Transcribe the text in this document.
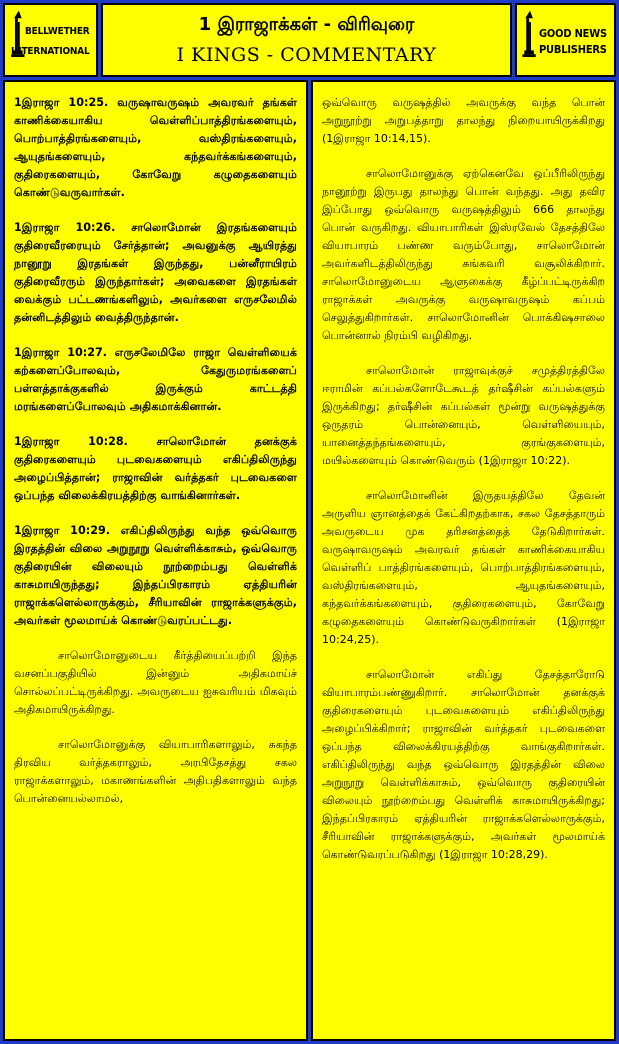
BELLWETHER
INTERNATIONAL
1 இராஜாக்கள் - விரிவுரை
I KINGS - COMMENTARY
GOOD NEWS
PUBLISHERS

1இராஜா 10:25. வருஷாவருஷம் அவரவர் தங்கள் காணிக்கையாகிய வெள்ளிப்பாத்திரங்களையும், பொற்பாத்திரங்களையும், வஸ்திரங்களையும், ஆயுதங்களையும், கந்தவர்க்கங்களையும், குதிரைகளையும், கோவேறு கழுதைகளையும் கொண்டுவருவார்கள்.

1இராஜா 10:26. சாலொமோன் இரதங்களையும் குதிரைவீரரையும் சேர்த்தான்; அவனுக்கு ஆயிரத்து நானூறு இரதங்கள் இருந்தது, பன்னீராயிரம் குதிரைவீரரும் இருந்தார்கள்; அவைகளை இரதங்கள் வைக்கும் பட்டணங்களிலும், அவர்களை எருசலேமில் தன்னிடத்திலும் வைத்திருந்தான்.

1இராஜா 10:27. எருசலேமிலே ராஜா வெள்ளியைக் கற்களைப்போலவும், கேதுருமரங்களைப் பள்ளத்தாக்குகளில் இருக்கும் காட்டத்தி மரங்களைப்போலவும் அதிகமாக்கினான்.

1இராஜா 10:28. சாலொமோன் தனக்குக் குதிரைகளையும் புடவைகளையும் எகிப்திலிருந்து அழைப்பித்தான்; ராஜாவின் வர்த்தகர் புடவைகளை ஒப்பந்த விலைக்கிரயத்திற்கு வாங்கினார்கள்.

1இராஜா 10:29. எகிப்திலிருந்து வந்த ஒவ்வொரு இரதத்தின் விலை அறுநூறு வெள்ளிக்காசும், ஒவ்வொரு குதிரையின் விலையும் நூற்றைம்பது வெள்ளிக் காசுமாயிருந்தது; இந்தப்பிரகாரம் ஏத்தியரின் ராஜாக்களெல்லாருக்கும், சீரியாவின் ராஜாக்களுக்கும், அவர்கள் மூலமாய்க் கொண்டுவரப்பட்டது.

சாலொமோனுடைய கீர்த்தியைப்பற்றி இந்த வசனப்பகுதியில் இன்னும் அதிகமாய்ச் சொல்லப்பட்டிருக்கிறது. அவருடைய ஐசுவரியம் மிகவும் அதிகமாயிருக்கிறது.

சாலொமோனுக்கு வியாபாரிகளாலும், சுகந்த திரவிய வர்த்தகராலும், அரபிதேசத்து சகல ராஜாக்களாலும், மகாணங்களின் அதிபதிகளாலும் வந்த பொன்னையல்லாமல்,

ஒவ்வொரு வருஷத்தில் அவருக்கு வந்த பொன் அறுநூற்று அறுபத்தாறு தாலந்து நிறையாயிருக்கிறது (1இராஜா 10:14,15).

சாலொமோனுக்கு ஏற்கெனவே ஒப்பீரிலிருந்து நானூற்று இருபது தாலந்து பொன் வந்தது. அது தவிர இப்போது ஒவ்வொரு வருஷத்திலும் 666 தாலந்து பொன் வருகிறது. வியாபாரிகள் இஸ்ரவேல் தேசத்திலே வியாபாரம் பண்ண வரும்போது, சாலொமோன் அவர்களிடத்திலிருந்து சுங்கவரி வசூலிக்கிறார். சாலொமோனுடைய ஆளுகைக்கு கீழ்ப்பட்டிருக்கிற ராஜாக்கள் அவருக்கு வருஷாவருஷம் கப்பம் செலுத்துகிறார்கள். சாலொமோனின் பொக்கிஷசாலை பொன்னால் நிரம்பி வழிகிறது.

சாலொமோன் ராஜாவுக்குச் சமுத்திரத்திலே ஈராமின் கப்பல்களோடேகூடத் தர்ஷீசின் கப்பல்களும் இருக்கிறது; தர்ஷீசின் கப்பல்கள் மூன்று வருஷத்துக்கு ஒருதரம் பொன்னையும், வெள்ளியையும், யானைத்தந்தங்களையும், குரங்குகளையும், மயில்களையும் கொண்டுவரும் (1இராஜா 10:22).

சாலொமோனின் இருதயத்திலே தேவன் அருளிய ஞானத்தைக் கேட்கிறதற்காக, சகல தேசத்தாரும் அவருடைய முக தரிசனத்தைத் தேடுகிறார்கள். வருஷாவருஷம் அவரவர் தங்கள் காணிக்கையாகிய வெள்ளிப் பாத்திரங்களையும், பொற்பாத்திரங்களையும், வஸ்திரங்களையும், ஆயுதங்களையும், கந்தவர்க்கங்களையும், குதிரைகளையும், கோவேறு கழுதைகளையும் கொண்டுவருகிறார்கள் (1இராஜா 10:24,25).

சாலொமோன் எகிப்து தேசத்தாரோடு வியாபாரம்பண்ணுகிறார். சாலொமோன் தனக்குக் குதிரைகளையும் புடவைகளையும் எகிப்திலிருந்து அழைப்பிக்கிறார்; ராஜாவின் வர்த்தகர் புடவைகளை ஒப்பந்த விலைக்கிரயத்திற்கு வாங்குகிறார்கள். எகிப்திலிருந்து வந்த ஒவ்வொரு இரதத்தின் விலை அறுநூறு வெள்ளிக்காசும், ஒவ்வொரு குதிரையின் விலையும் நூற்றைம்பது வெள்ளிக் காசுமாயிருக்கிறது; இந்தப்பிரகாரம் ஏத்தியரின் ராஜாக்களெல்லாருக்கும், சீரியாவின் ராஜாக்களுக்கும், அவர்கள் மூலமாய்க் கொண்டுவரப்படுகிறது (1இராஜா 10:28,29).
